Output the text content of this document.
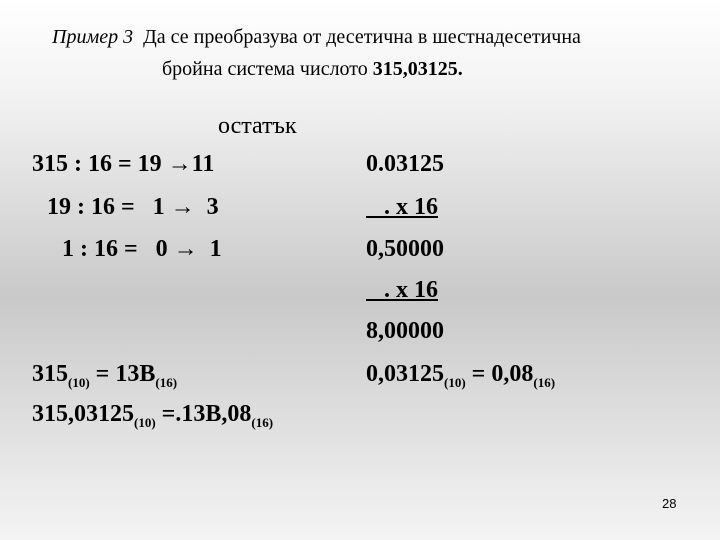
Пример 3 Да се преобразува от десетична в шестнадесетична
бройна система числото 315,03125.
остатък
315 : 16 = 19 →11
19 : 16 =   1 → 3
1 : 16 =   0 → 1
0.03125
. x 16
0,50000
. x 16
8,00000
$315_{(10)} = 13B_{(16)}$	$0,03125_{(10)} = 0,08_{(16)}$
$315,03125_{(10)} =.13B,08_{(16)}$
28
